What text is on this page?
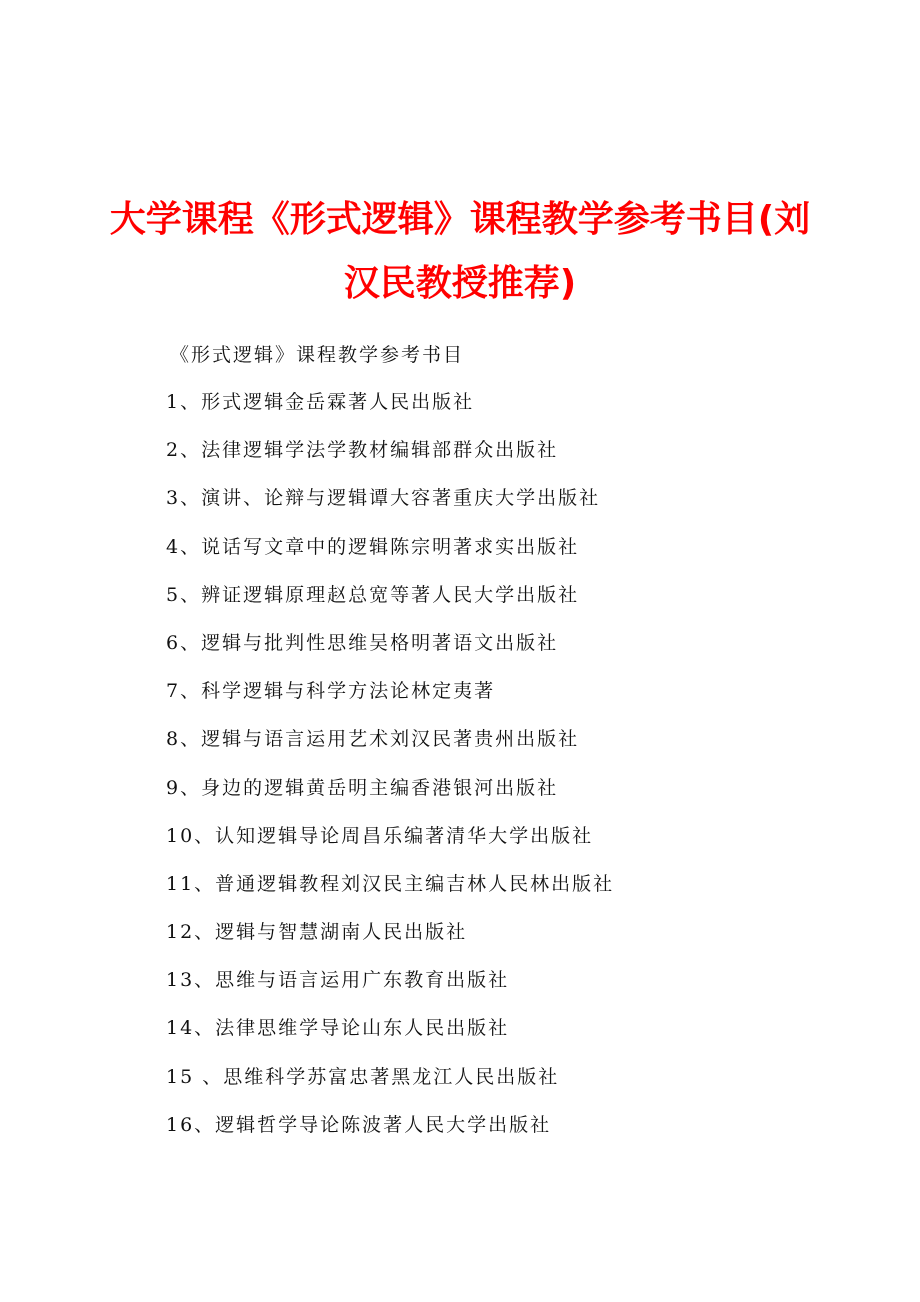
大学课程《形式逻辑》课程教学参考书目(刘汉民教授推荐)
《形式逻辑》课程教学参考书目
1、形式逻辑金岳霖著人民出版社
2、法律逻辑学法学教材编辑部群众出版社
3、演讲、论辩与逻辑谭大容著重庆大学出版社
4、说话写文章中的逻辑陈宗明著求实出版社
5、辨证逻辑原理赵总宽等著人民大学出版社
6、逻辑与批判性思维吴格明著语文出版社
7、科学逻辑与科学方法论林定夷著
8、逻辑与语言运用艺术刘汉民著贵州出版社
9、身边的逻辑黄岳明主编香港银河出版社
10、认知逻辑导论周昌乐编著清华大学出版社
11、普通逻辑教程刘汉民主编吉林人民林出版社
12、逻辑与智慧湖南人民出版社
13、思维与语言运用广东教育出版社
14、法律思维学导论山东人民出版社
15 、思维科学苏富忠著黑龙江人民出版社
16、逻辑哲学导论陈波著人民大学出版社
